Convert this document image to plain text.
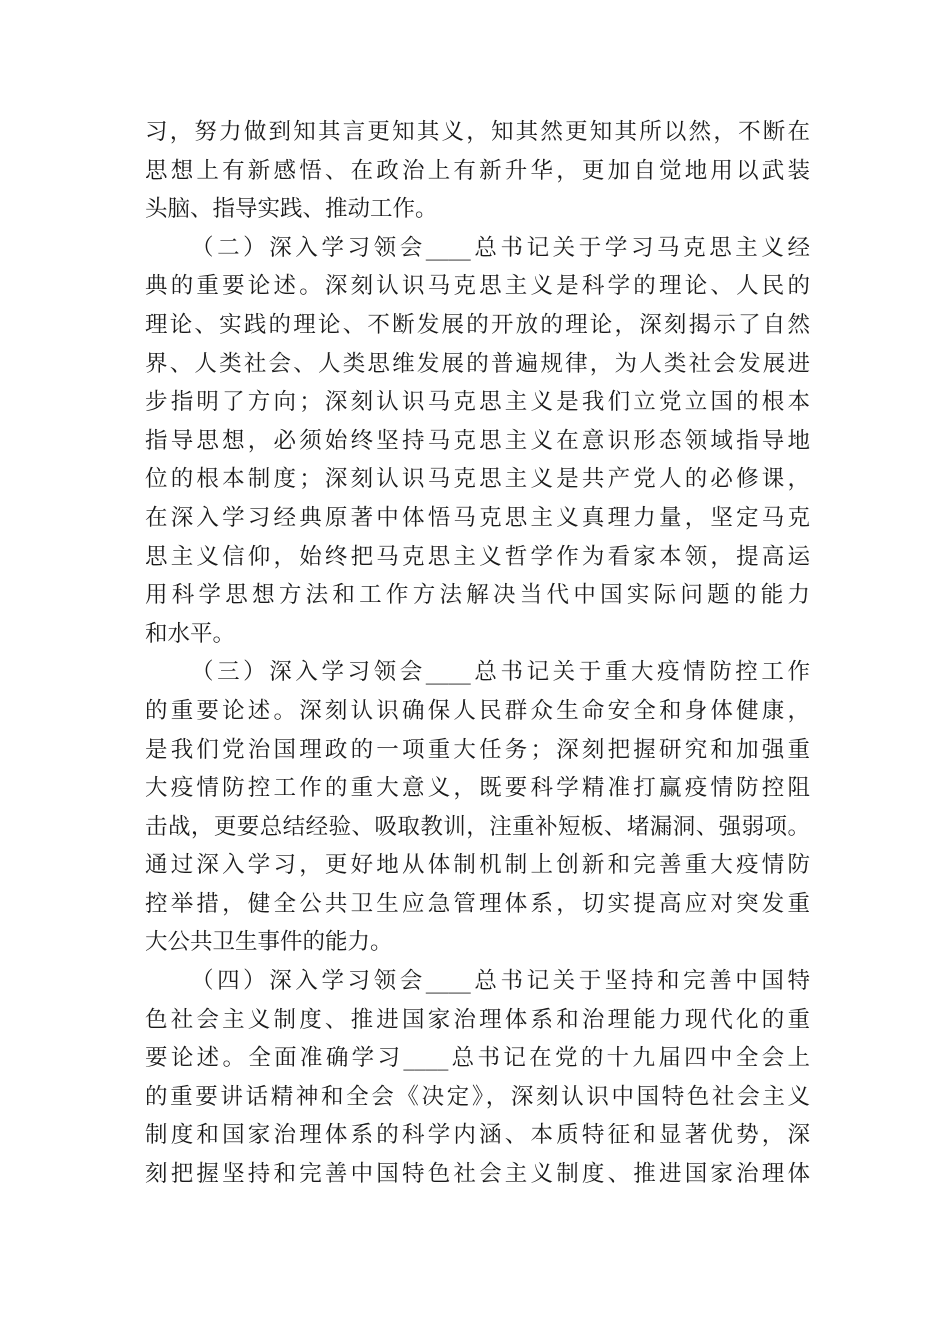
习，努力做到知其言更知其义，知其然更知其所以然，不断在
思想上有新感悟、在政治上有新升华，更加自觉地用以武装
头脑、指导实践、推动工作。
（二）深入学习领会____总书记关于学习马克思主义经
典的重要论述。深刻认识马克思主义是科学的理论、人民的
理论、实践的理论、不断发展的开放的理论，深刻揭示了自然
界、人类社会、人类思维发展的普遍规律，为人类社会发展进
步指明了方向；深刻认识马克思主义是我们立党立国的根本
指导思想，必须始终坚持马克思主义在意识形态领域指导地
位的根本制度；深刻认识马克思主义是共产党人的必修课，
在深入学习经典原著中体悟马克思主义真理力量，坚定马克
思主义信仰，始终把马克思主义哲学作为看家本领，提高运
用科学思想方法和工作方法解决当代中国实际问题的能力
和水平。
（三）深入学习领会____总书记关于重大疫情防控工作
的重要论述。深刻认识确保人民群众生命安全和身体健康，
是我们党治国理政的一项重大任务；深刻把握研究和加强重
大疫情防控工作的重大意义，既要科学精准打赢疫情防控阻
击战，更要总结经验、吸取教训，注重补短板、堵漏洞、强弱项。
通过深入学习，更好地从体制机制上创新和完善重大疫情防
控举措，健全公共卫生应急管理体系，切实提高应对突发重
大公共卫生事件的能力。
（四）深入学习领会____总书记关于坚持和完善中国特
色社会主义制度、推进国家治理体系和治理能力现代化的重
要论述。全面准确学习____总书记在党的十九届四中全会上
的重要讲话精神和全会《决定》，深刻认识中国特色社会主义
制度和国家治理体系的科学内涵、本质特征和显著优势，深
刻把握坚持和完善中国特色社会主义制度、推进国家治理体
